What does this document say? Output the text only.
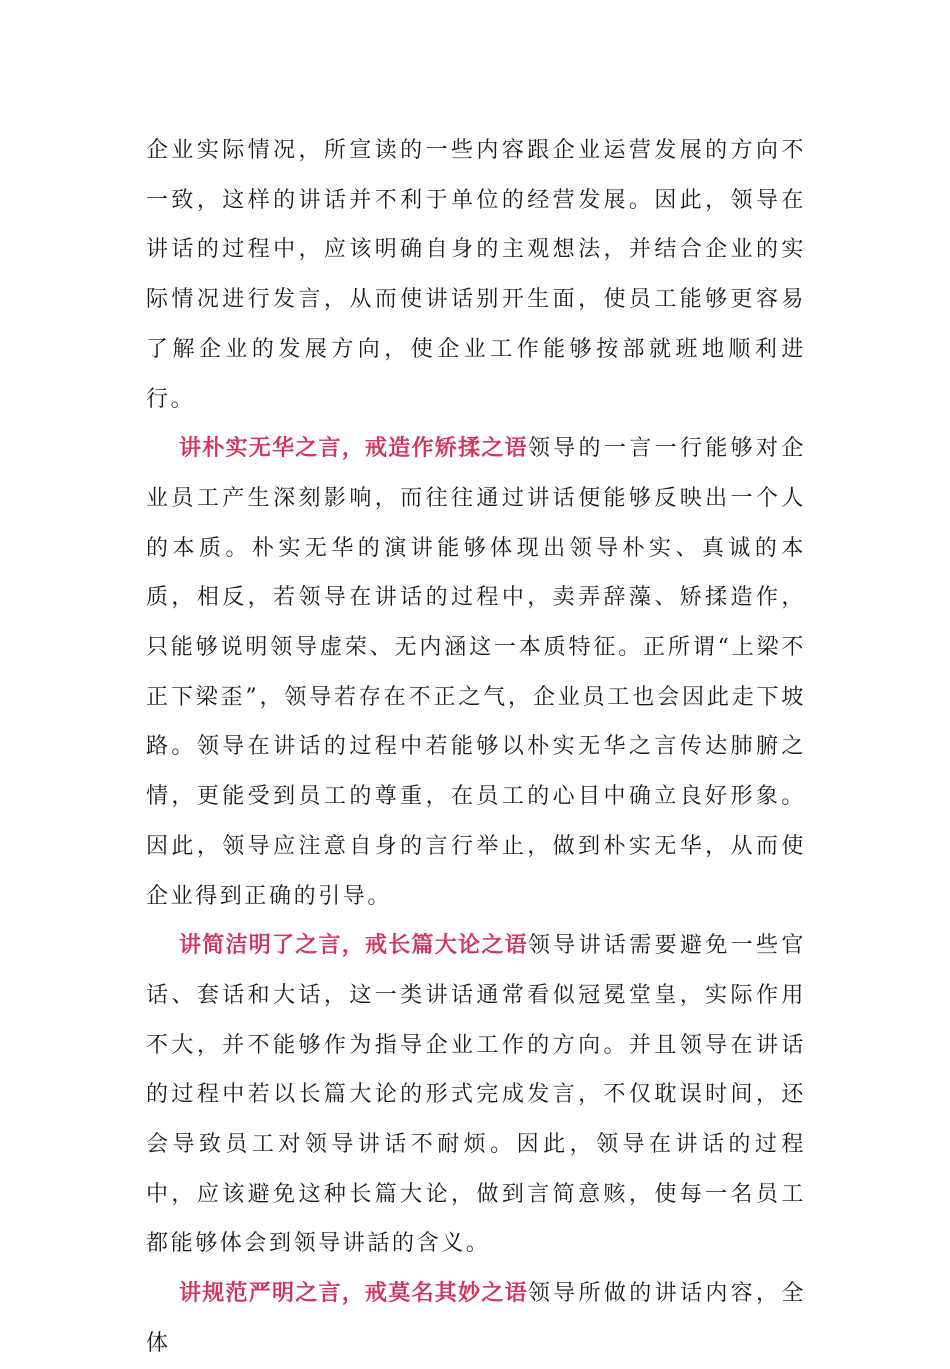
企业实际情况，所宣读的一些内容跟企业运营发展的方向不一致，这样的讲话并不利于单位的经营发展。因此，领导在讲话的过程中，应该明确自身的主观想法，并结合企业的实际情况进行发言，从而使讲话别开生面，使员工能够更容易了解企业的发展方向，使企业工作能够按部就班地顺利进行。

讲朴实无华之言，戒造作矫揉之语领导的一言一行能够对企业员工产生深刻影响，而往往通过讲话便能够反映出一个人的本质。朴实无华的演讲能够体现出领导朴实、真诚的本质，相反，若领导在讲话的过程中，卖弄辞藻、矫揉造作，只能够说明领导虚荣、无内涵这一本质特征。正所谓“上梁不正下梁歪”，领导若存在不正之气，企业员工也会因此走下坡路。领导在讲话的过程中若能够以朴实无华之言传达肺腑之情，更能受到员工的尊重，在员工的心目中确立良好形象。因此，领导应注意自身的言行举止，做到朴实无华，从而使企业得到正确的引导。

讲简洁明了之言，戒长篇大论之语领导讲话需要避免一些官话、套话和大话，这一类讲话通常看似冠冕堂皇，实际作用不大，并不能够作为指导企业工作的方向。并且领导在讲话的过程中若以长篇大论的形式完成发言，不仅耽误时间，还会导致员工对领导讲话不耐烦。因此，领导在讲话的过程中，应该避免这种长篇大论，做到言简意赅，使每一名员工都能够体会到领导讲話的含义。

讲规范严明之言，戒莫名其妙之语领导所做的讲话内容，全体
